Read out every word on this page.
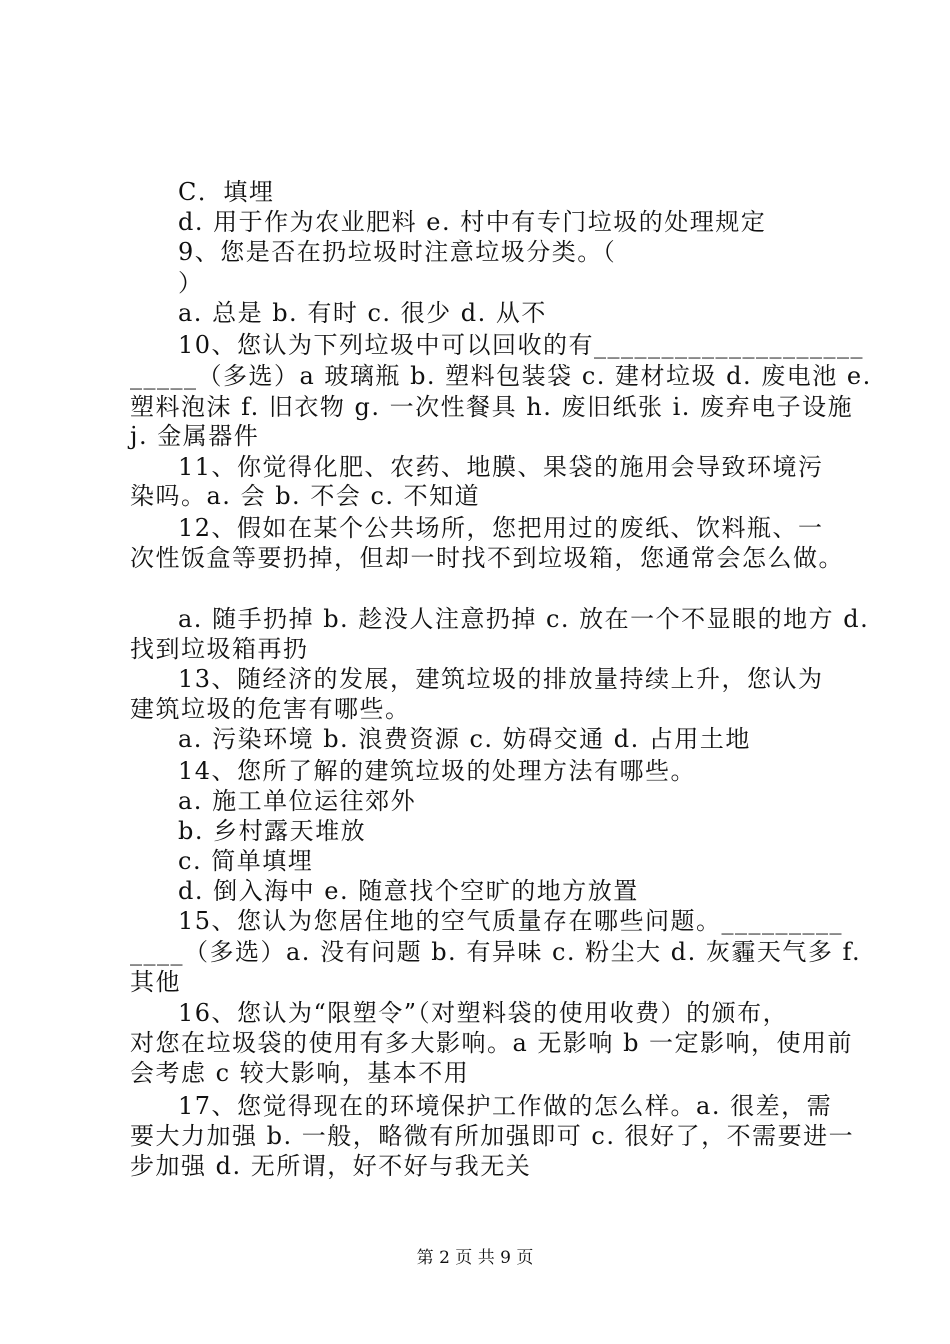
C．填埋
d. 用于作为农业肥料 e. 村中有专门垃圾的处理规定
9、您是否在扔垃圾时注意垃圾分类。（
）
a. 总是 b. 有时 c. 很少 d. 从不
10、您认为下列垃圾中可以回收的有____________________
_____（多选）a 玻璃瓶 b. 塑料包装袋 c. 建材垃圾 d. 废电池 e.
塑料泡沫 f. 旧衣物 g. 一次性餐具 h. 废旧纸张 i. 废弃电子设施
j. 金属器件
11、你觉得化肥、农药、地膜、果袋的施用会导致环境污
染吗。a. 会 b. 不会 c. 不知道
12、假如在某个公共场所，您把用过的废纸、饮料瓶、一
次性饭盒等要扔掉，但却一时找不到垃圾箱，您通常会怎么做。
a. 随手扔掉 b. 趁没人注意扔掉 c. 放在一个不显眼的地方 d.
找到垃圾箱再扔
13、随经济的发展，建筑垃圾的排放量持续上升，您认为
建筑垃圾的危害有哪些。
a. 污染环境 b. 浪费资源 c. 妨碍交通 d. 占用土地
14、您所了解的建筑垃圾的处理方法有哪些。
a. 施工单位运往郊外
b. 乡村露天堆放
c. 简单填埋
d. 倒入海中 e. 随意找个空旷的地方放置
15、您认为您居住地的空气质量存在哪些问题。_________
____（多选）a. 没有问题 b. 有异味 c. 粉尘大 d. 灰霾天气多 f.
其他
16、您认为“限塑令”（对塑料袋的使用收费）的颁布，
对您在垃圾袋的使用有多大影响。a 无影响 b 一定影响，使用前
会考虑 c 较大影响，基本不用
17、您觉得现在的环境保护工作做的怎么样。a. 很差，需
要大力加强 b. 一般，略微有所加强即可 c. 很好了，不需要进一
步加强 d. 无所谓，好不好与我无关
第 2 页 共 9 页
